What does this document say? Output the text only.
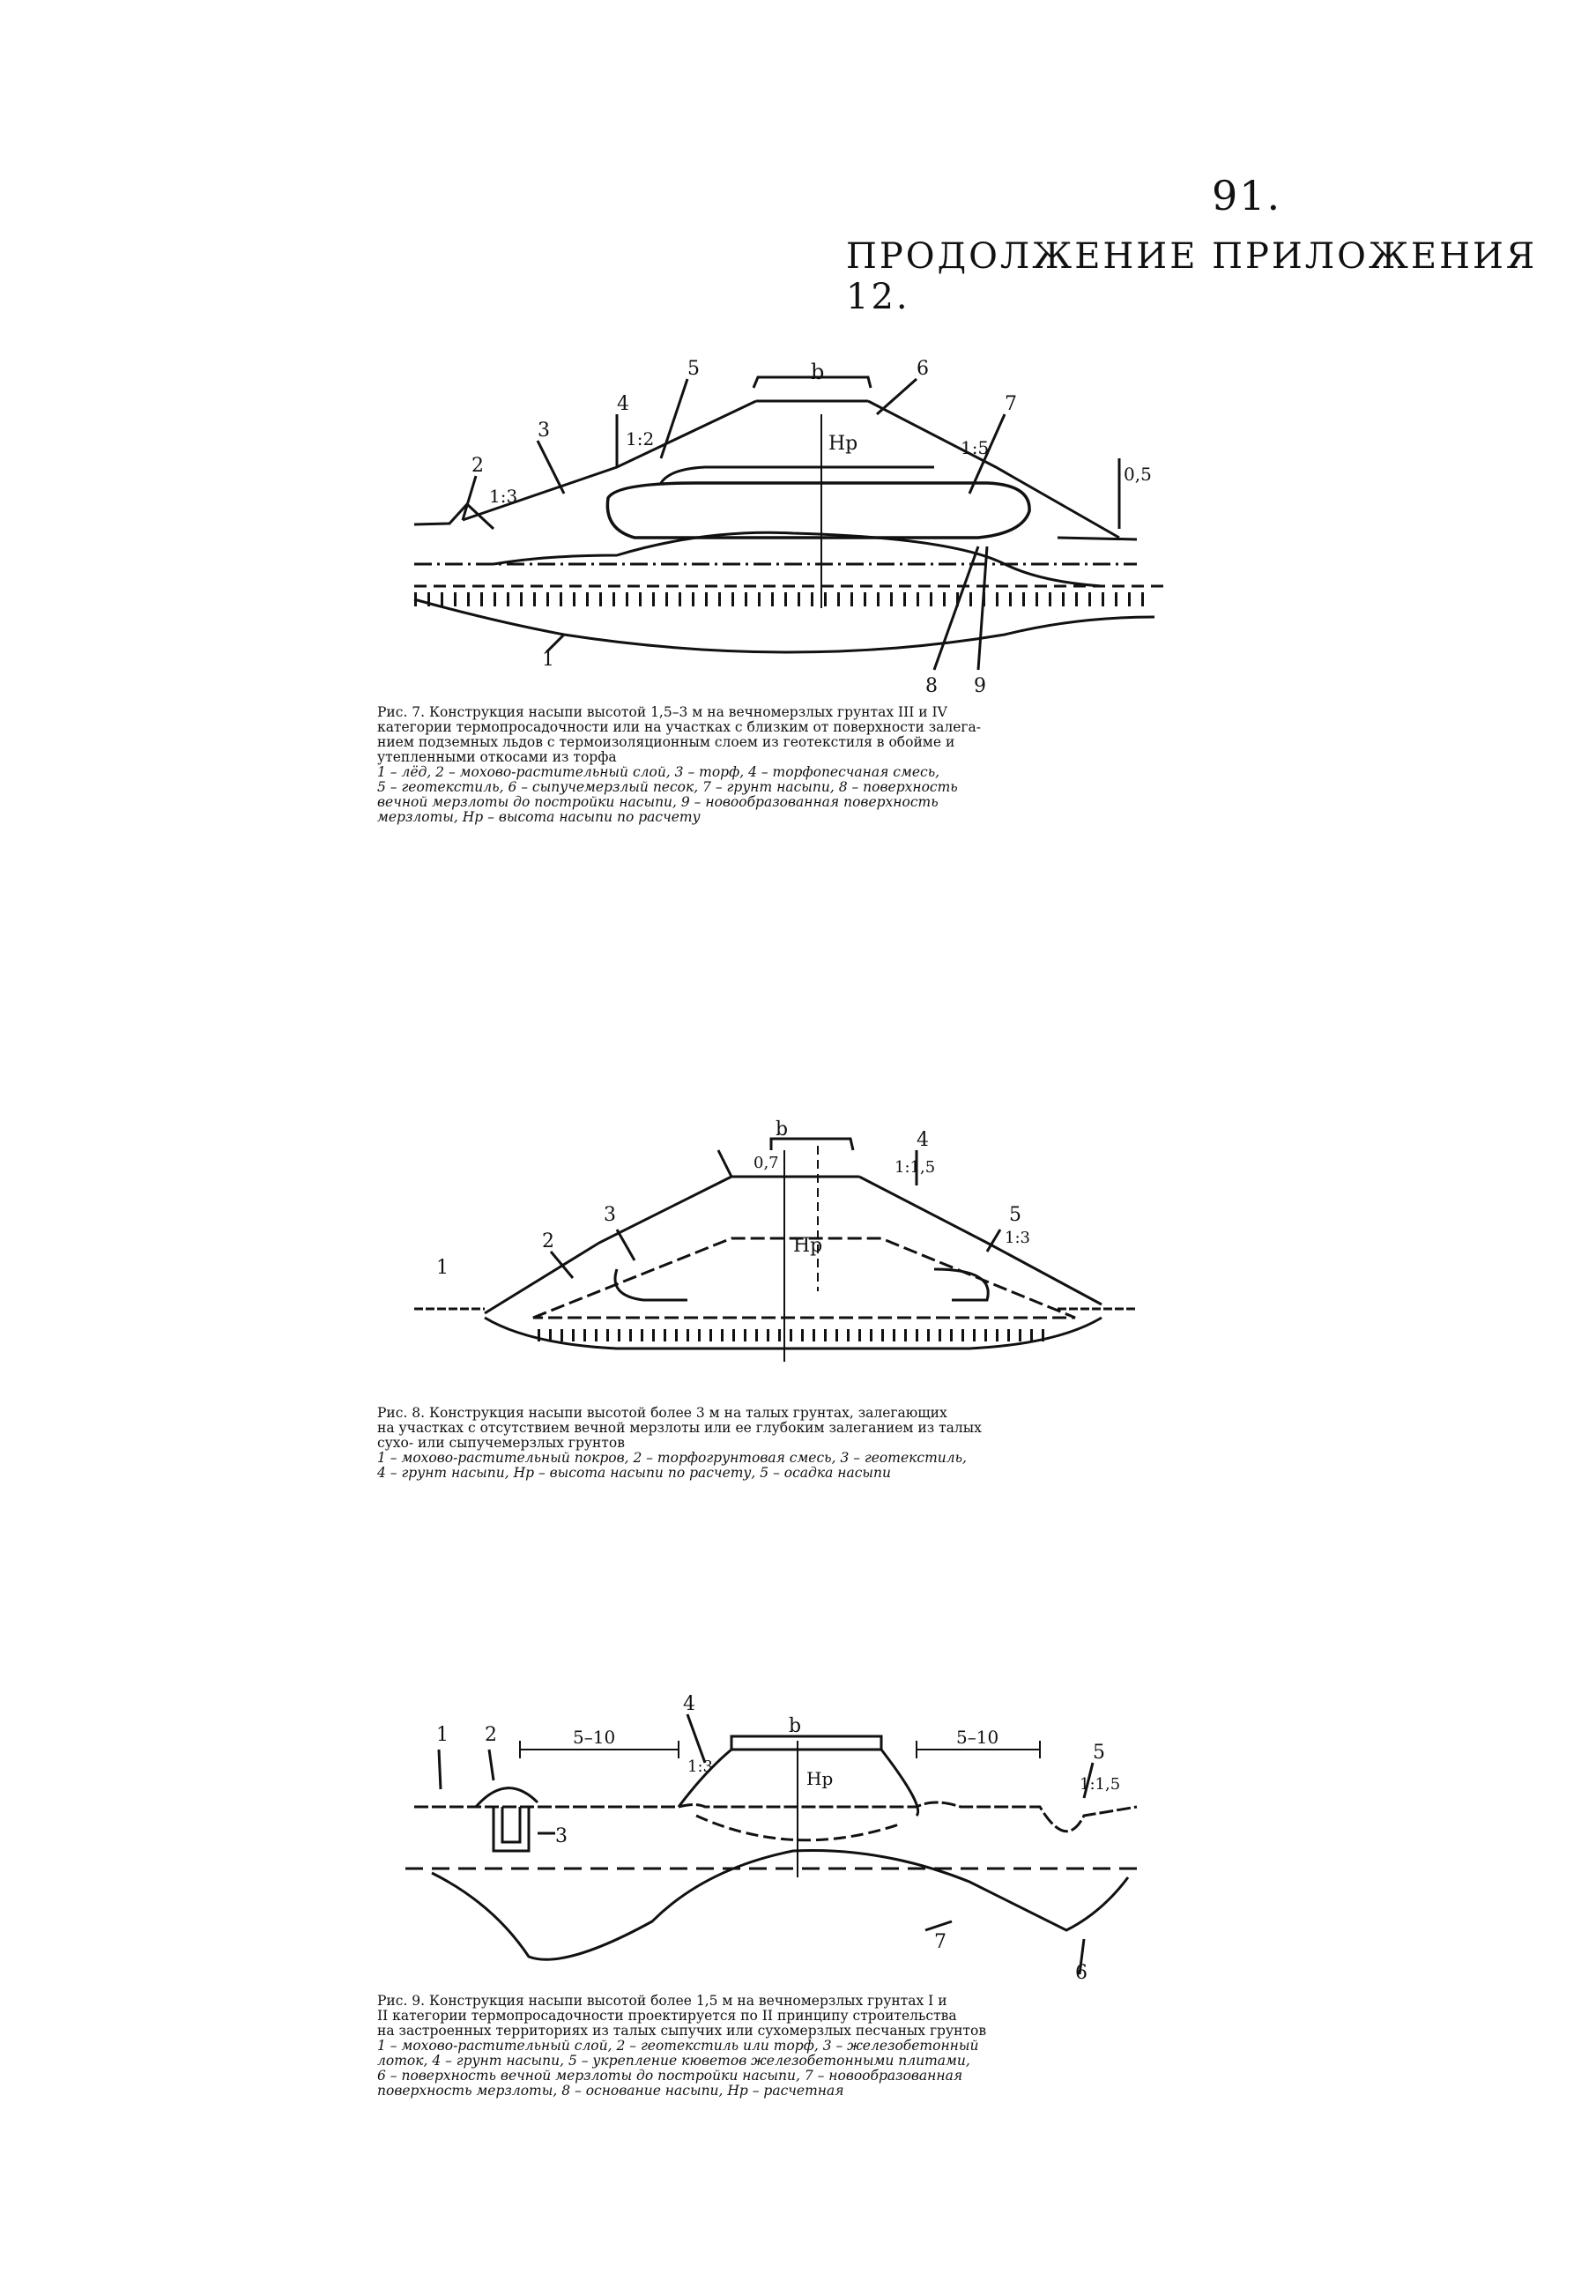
91.
ПРОДОЛЖЕНИЕ ПРИЛОЖЕНИЯ 12.
b
Hр
5
4
3
2
6
7
1
8 9
1:2
1:3
1:5
0,5
Рис. 7. Конструкция насыпи высотой 1,5–3 м на вечномерзлых грунтах III и IV
категории термопросадочности или на участках с близким от поверхности залега-
нием подземных льдов с термоизоляционным слоем из геотекстиля в обойме и
утепленными откосами из торфа
1 – лёд, 2 – мохово-растительный слой, 3 – торф, 4 – торфопесчаная смесь,
5 – геотекстиль, 6 – сыпучемерзлый песок, 7 – грунт насыпи, 8 – поверхность
вечной мерзлоты до постройки насыпи, 9 – новообразованная поверхность
мерзлоты, Hр – высота насыпи по расчету
b
Hр
0,7	1:1,5
1:3
1
2
3
4
5
Рис. 8. Конструкция насыпи высотой более 3 м на талых грунтах, залегающих
на участках с отсутствием вечной мерзлоты или ее глубоким залеганием из талых
сухо- или сыпучемерзлых грунтов
1 – мохово-растительный покров, 2 – торфогрунтовая смесь, 3 – геотекстиль,
4 – грунт насыпи, Hр – высота насыпи по расчету, 5 – осадка насыпи
b
Hр
5–10	5–10
1:3
1:1,5
1 2
3
4
5
6
7
Рис. 9. Конструкция насыпи высотой более 1,5 м на вечномерзлых грунтах I и
II категории термопросадочности проектируется по II принципу строительства
на застроенных территориях из талых сыпучих или сухомерзлых песчаных грунтов
1 – мохово-растительный слой, 2 – геотекстиль или торф, 3 – железобетонный
лоток, 4 – грунт насыпи, 5 – укрепление кюветов железобетонными плитами,
6 – поверхность вечной мерзлоты до постройки насыпи, 7 – новообразованная
поверхность мерзлоты, 8 – основание насыпи, Hр – расчетная
